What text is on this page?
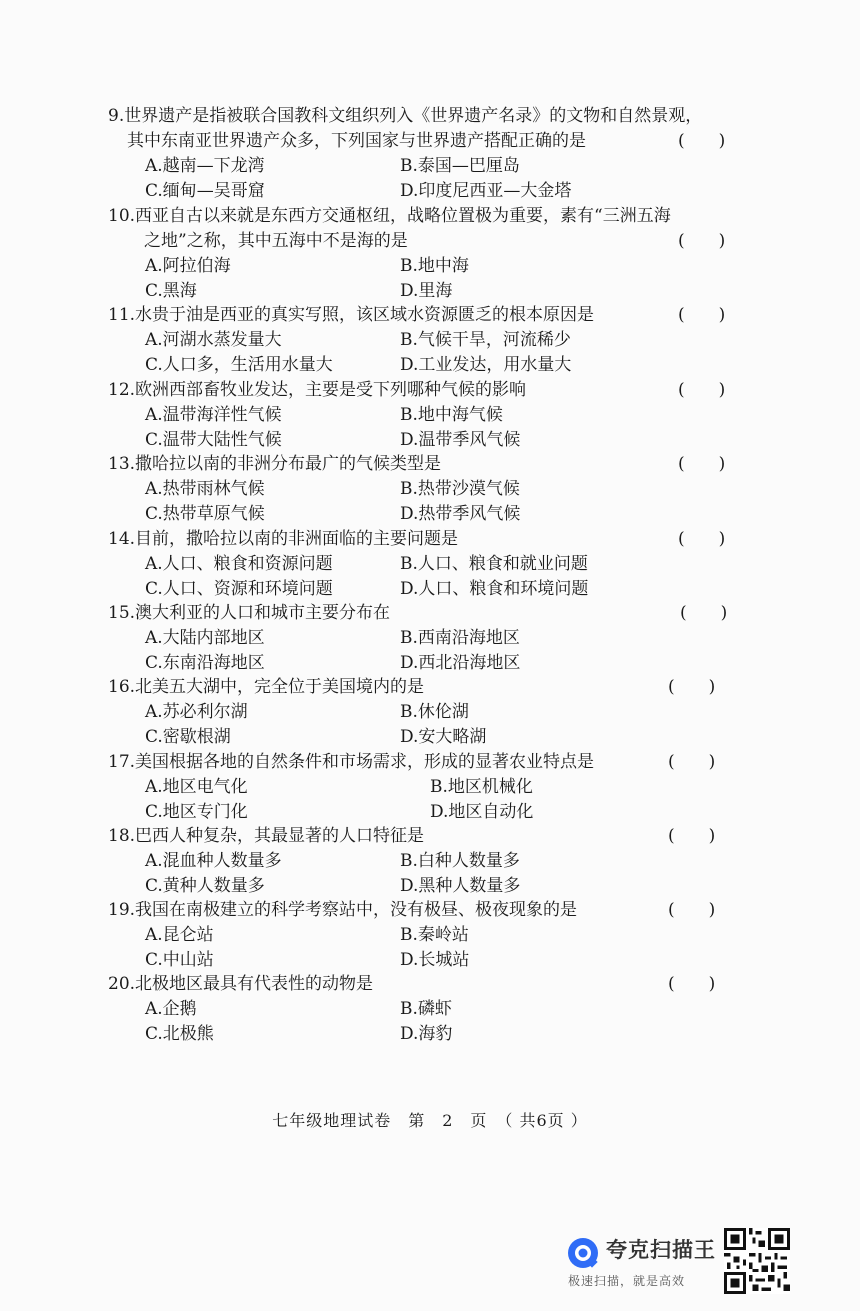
9.世界遗产是指被联合国教科文组织列入《世界遗产名录》的文物和自然景观，
其中东南亚世界遗产众多，下列国家与世界遗产搭配正确的是	(　　)
A.越南—下龙湾	B.泰国—巴厘岛
C.缅甸—吴哥窟	D.印度尼西亚—大金塔
10.西亚自古以来就是东西方交通枢纽，战略位置极为重要，素有“三洲五海
之地”之称，其中五海中不是海的是	(　　)
A.阿拉伯海	B.地中海
C.黑海	D.里海
11.水贵于油是西亚的真实写照，该区域水资源匮乏的根本原因是	(　　)
A.河湖水蒸发量大	B.气候干旱，河流稀少
C.人口多，生活用水量大	D.工业发达，用水量大
12.欧洲西部畜牧业发达，主要是受下列哪种气候的影响	(　　)
A.温带海洋性气候	B.地中海气候
C.温带大陆性气候	D.温带季风气候
13.撒哈拉以南的非洲分布最广的气候类型是	(　　)
A.热带雨林气候	B.热带沙漠气候
C.热带草原气候	D.热带季风气候
14.目前，撒哈拉以南的非洲面临的主要问题是	(　　)
A.人口、粮食和资源问题	B.人口、粮食和就业问题
C.人口、资源和环境问题	D.人口、粮食和环境问题
15.澳大利亚的人口和城市主要分布在	(　　)
A.大陆内部地区	B.西南沿海地区
C.东南沿海地区	D.西北沿海地区
16.北美五大湖中，完全位于美国境内的是	(　　)
A.苏必利尔湖	B.休伦湖
C.密歇根湖	D.安大略湖
17.美国根据各地的自然条件和市场需求，形成的显著农业特点是	(　　)
A.地区电气化	B.地区机械化
C.地区专门化	D.地区自动化
18.巴西人种复杂，其最显著的人口特征是	(　　)
A.混血种人数量多	B.白种人数量多
C.黄种人数量多	D.黑种人数量多
19.我国在南极建立的科学考察站中，没有极昼、极夜现象的是	(　　)
A.昆仑站	B.秦岭站
C.中山站	D.长城站
20.北极地区最具有代表性的动物是	(　　)
A.企鹅	B.磷虾
C.北极熊	D.海豹
七年级地理试卷　第　2　页　（ 共6页 ）
夸克扫描王
极速扫描，就是高效
